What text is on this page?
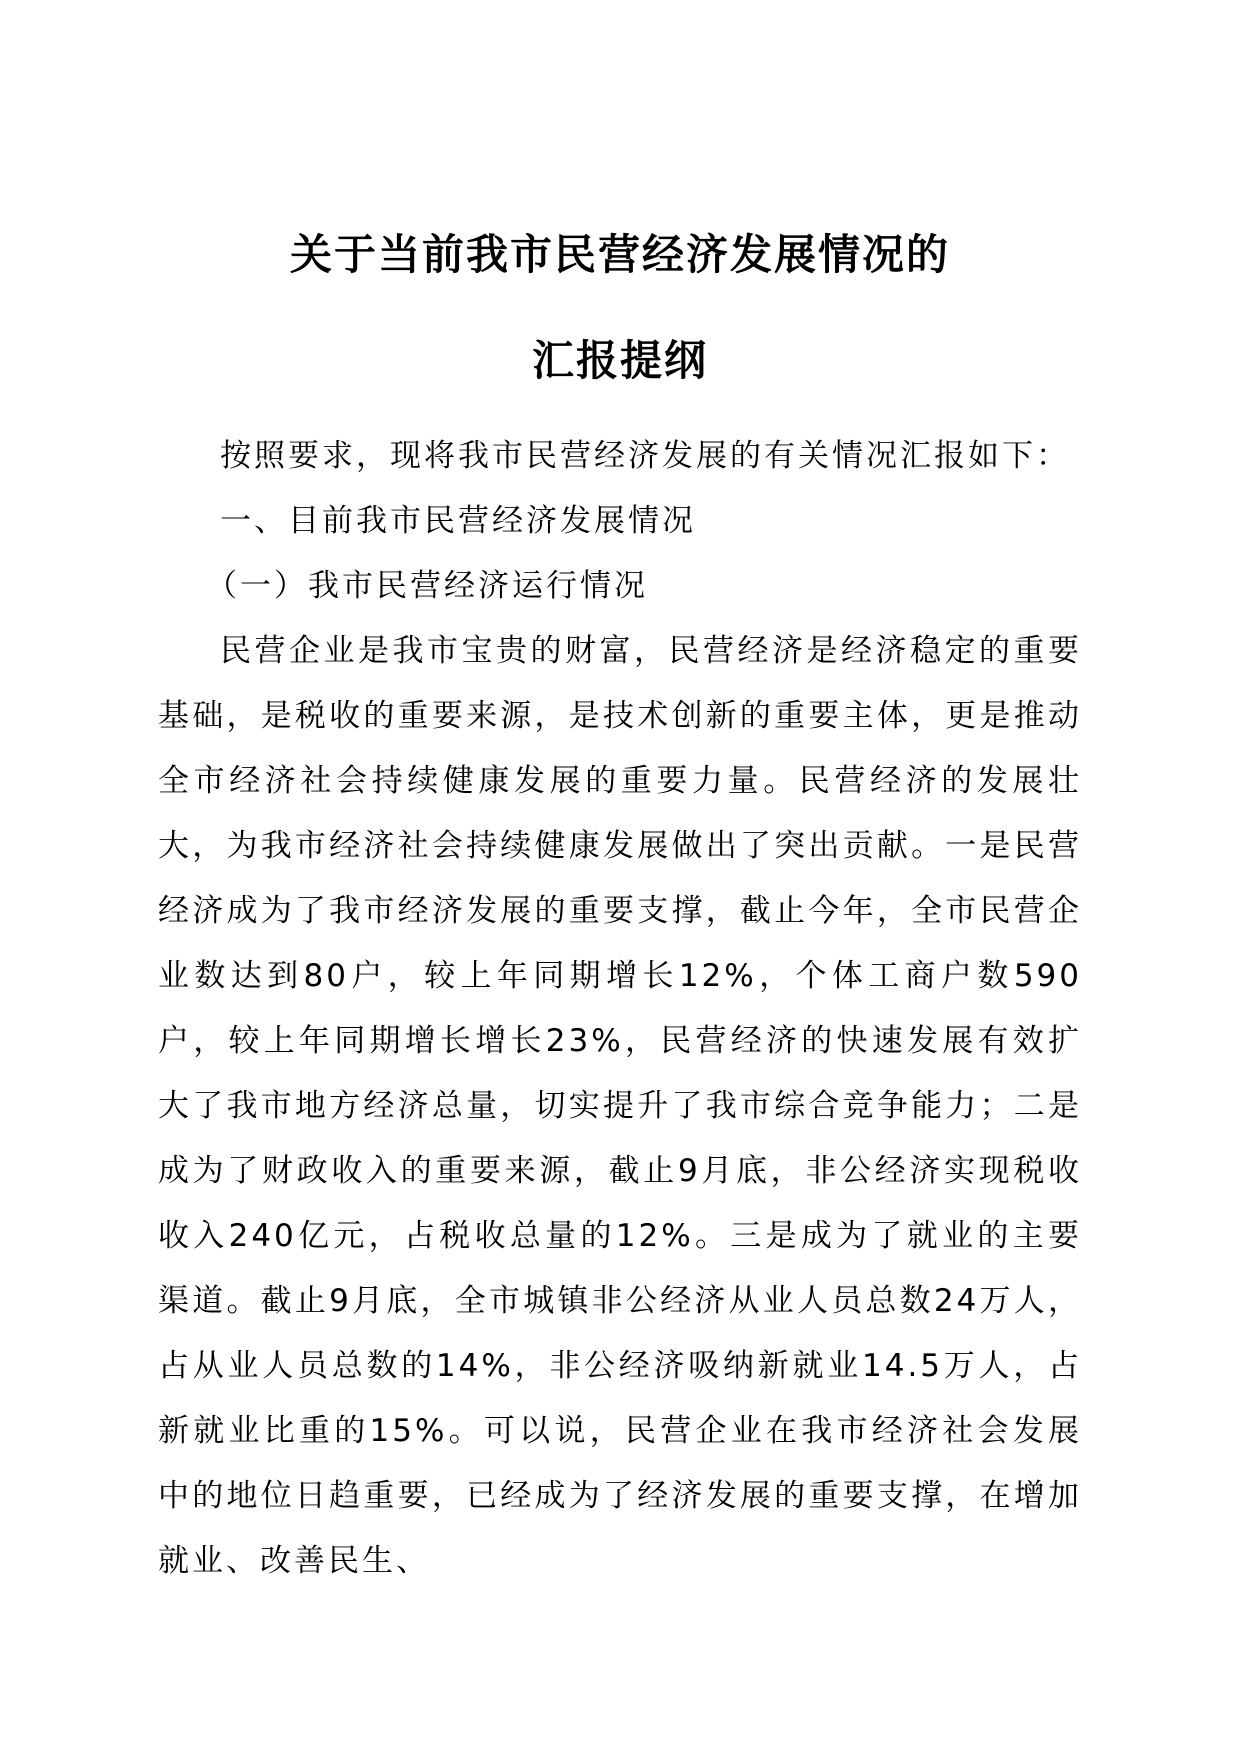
关于当前我市民营经济发展情况的
汇报提纲

按照要求，现将我市民营经济发展的有关情况汇报如下：

一、目前我市民营经济发展情况

（一）我市民营经济运行情况

民营企业是我市宝贵的财富，民营经济是经济稳定的重要基础，是税收的重要来源，是技术创新的重要主体，更是推动全市经济社会持续健康发展的重要力量。民营经济的发展壮大，为我市经济社会持续健康发展做出了突出贡献。一是民营经济成为了我市经济发展的重要支撑，截止今年，全市民营企业数达到80户，较上年同期增长12%，个体工商户数590户，较上年同期增长增长23%，民营经济的快速发展有效扩大了我市地方经济总量，切实提升了我市综合竞争能力；二是成为了财政收入的重要来源，截止9月底，非公经济实现税收收入240亿元，占税收总量的12%。三是成为了就业的主要渠道。截止9月底，全市城镇非公经济从业人员总数24万人，占从业人员总数的14%，非公经济吸纳新就业14.5万人，占新就业比重的15%。可以说，民营企业在我市经济社会发展中的地位日趋重要，已经成为了经济发展的重要支撑，在增加就业、改善民生、
